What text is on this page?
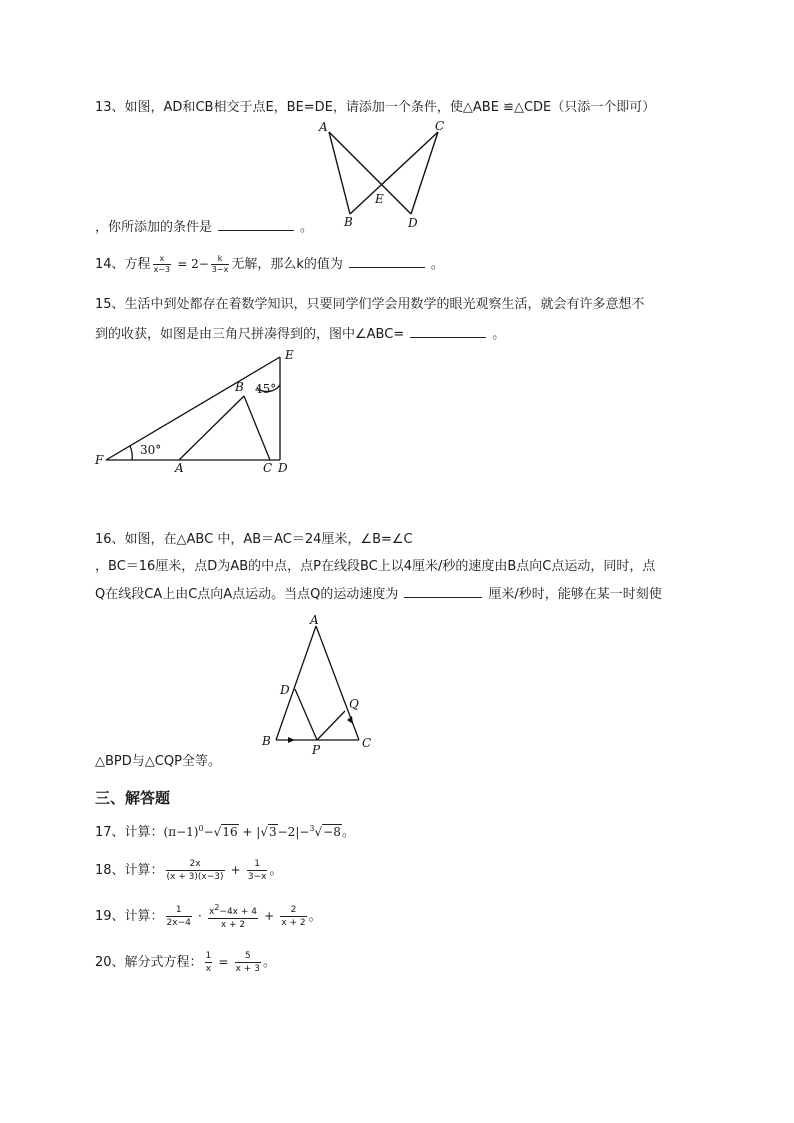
13、如图，AD和CB相交于点E，BE=DE，请添加一个条件，使△ABE ≌△CDE（只添一个即可）
A	C
E
B	D
，你所添加的条件是	。
14、方程 $\frac{x}{x-3} = 2- \frac{k}{3-x}$ 无解，那么k的值为	。
15、生活中到处都存在着数学知识，只要同学们学会用数学的眼光观察生活，就会有许多意想不
到的收获，如图是由三角尺拼凑得到的，图中∠ABC=	。
E
B 45°
30°
F
A	C D
16、如图，在△ABC 中，AB＝AC＝24厘米，∠B=∠C
，BC＝16厘米，点D为AB的中点，点P在线段BC上以4厘米/秒的速度由B点向C点运动，同时，点
Q在线段CA上由C点向A点运动。当点Q的运动速度为	厘米/秒时，能够在某一时刻使
A
D
Q
B
P	C
△BPD与△CQP全等。
三、解答题
17、计算：$(\pi-1)^0-√16 + |√3-2|-^3√-8$。
18、计算： $\frac{2x}{(x + 3)(x-3)} + \frac{1}{3-x}$ 。
19、计算： $\frac{1}{2x-4} \cdot \frac{x^2-4x + 4}{x + 2} + \frac{2}{x + 2}$ 。
20、解分式方程： $\frac{1}{x} = \frac{5}{x + 3}$ 。
